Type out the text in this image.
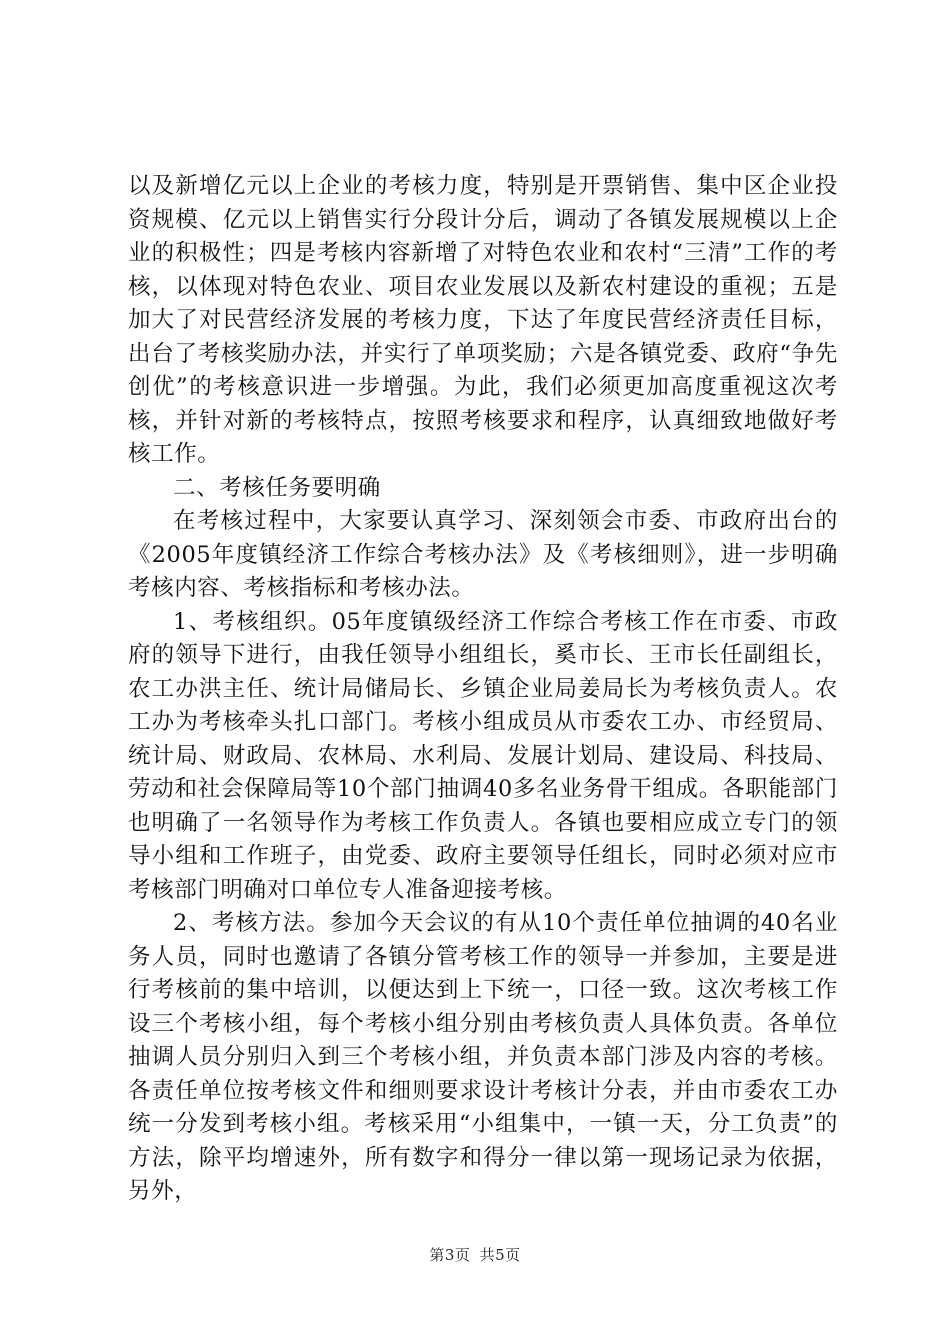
以及新增亿元以上企业的考核力度，特别是开票销售、集中区企业投资规模、亿元以上销售实行分段计分后，调动了各镇发展规模以上企业的积极性；四是考核内容新增了对特色农业和农村“三清”工作的考核，以体现对特色农业、项目农业发展以及新农村建设的重视；五是加大了对民营经济发展的考核力度，下达了年度民营经济责任目标，出台了考核奖励办法，并实行了单项奖励；六是各镇党委、政府“争先创优”的考核意识进一步增强。为此，我们必须更加高度重视这次考核，并针对新的考核特点，按照考核要求和程序，认真细致地做好考核工作。

二、考核任务要明确

在考核过程中，大家要认真学习、深刻领会市委、市政府出台的《2005年度镇经济工作综合考核办法》及《考核细则》，进一步明确考核内容、考核指标和考核办法。

1、考核组织。05年度镇级经济工作综合考核工作在市委、市政府的领导下进行，由我任领导小组组长，奚市长、王市长任副组长，农工办洪主任、统计局储局长、乡镇企业局姜局长为考核负责人。农工办为考核牵头扎口部门。考核小组成员从市委农工办、市经贸局、统计局、财政局、农林局、水利局、发展计划局、建设局、科技局、劳动和社会保障局等10个部门抽调40多名业务骨干组成。各职能部门也明确了一名领导作为考核工作负责人。各镇也要相应成立专门的领导小组和工作班子，由党委、政府主要领导任组长，同时必须对应市考核部门明确对口单位专人准备迎接考核。

2、考核方法。参加今天会议的有从10个责任单位抽调的40名业务人员，同时也邀请了各镇分管考核工作的领导一并参加，主要是进行考核前的集中培训，以便达到上下统一，口径一致。这次考核工作设三个考核小组，每个考核小组分别由考核负责人具体负责。各单位抽调人员分别归入到三个考核小组，并负责本部门涉及内容的考核。各责任单位按考核文件和细则要求设计考核计分表，并由市委农工办统一分发到考核小组。考核采用“小组集中，一镇一天，分工负责”的方法，除平均增速外，所有数字和得分一律以第一现场记录为依据，另外，

第3页 共5页
